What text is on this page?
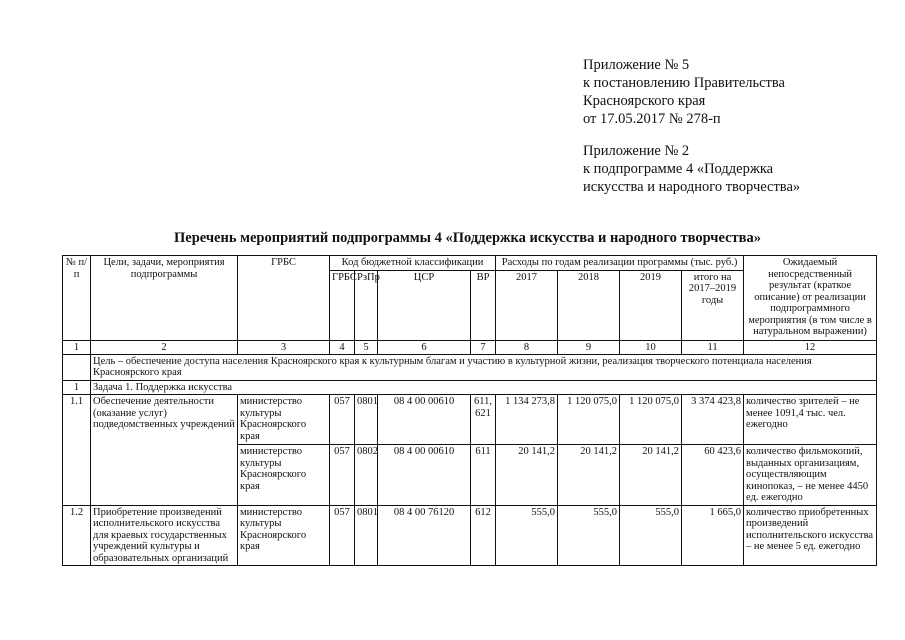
Приложение № 5
к постановлению Правительства
Красноярского края
от 17.05.2017 № 278-п
Приложение № 2
к подпрограмме 4 «Поддержка
искусства и народного творчества»
Перечень мероприятий подпрограммы 4 «Поддержка искусства и народного творчества»
№ п/п	Цели, задачи, мероприятия подпрограммы	ГРБС	Код бюджетной классификации				Расходы по годам реализации программы (тыс. руб.)				Ожидаемый непосредственный результат (краткое описание) от реализации подпрограммного мероприятия (в том числе в натуральном выражении)
			ГРБС	РзПр	ЦСР	ВР	2017	2018	2019	итого на 2017–2019 годы	
1	2	3	4	5	6	7	8	9	10	11	12
	Цель – обеспечение доступа населения Красноярского края к культурным благам и участию в культурной жизни, реализация творческого потенциала населения Красноярского края										
1	Задача 1. Поддержка искусства										
1.1	Обеспечение деятельности (оказание услуг) подведомственных учреждений	министерство культуры Красноярского края	057	0801	08 4 00 00610	611, 621	1 134 273,8	1 120 075,0	1 120 075,0	3 374 423,8	количество зрителей – не менее 1091,4 тыс. чел. ежегодно
		министерство культуры Красноярского края	057	0802	08 4 00 00610	611	20 141,2	20 141,2	20 141,2	60 423,6	количество фильмокопий, выданных организациям, осуществляющим кинопоказ, – не менее 4450 ед. ежегодно
1.2	Приобретение произведений исполнительского искусства для краевых государственных учреждений культуры и образовательных организаций	министерство культуры Красноярского края	057	0801	08 4 00 76120	612	555,0	555,0	555,0	1 665,0	количество приобретенных произведений исполнительского искусства – не менее 5 ед. ежегодно
